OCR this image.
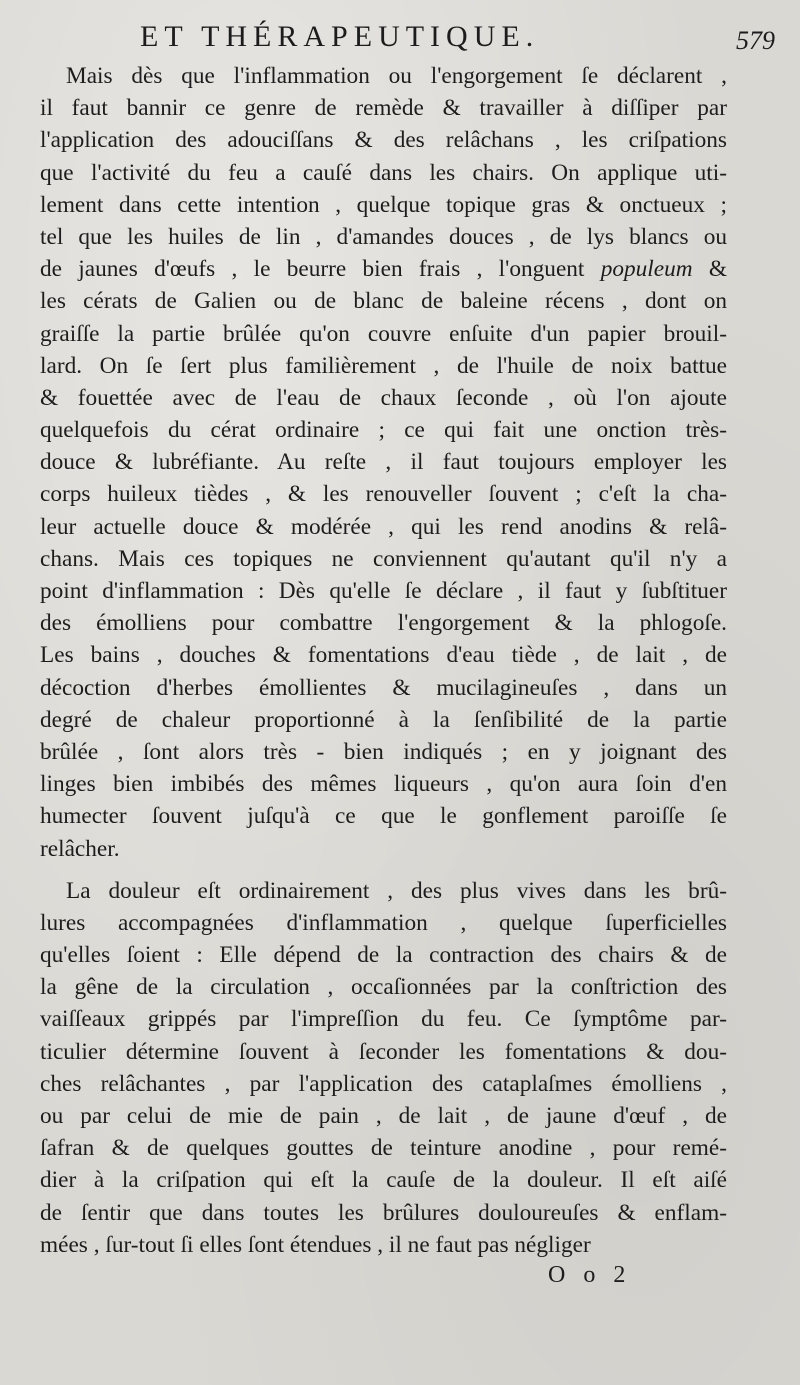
ET THÉRAPEUTIQUE.	579
Mais dès que l'inflammation ou l'engorgement ſe déclarent ,
il faut bannir ce genre de remède & travailler à diſſiper par
l'application des adouciſſans & des relâchans , les criſpations
que l'activité du feu a cauſé dans les chairs. On applique uti-
lement dans cette intention , quelque topique gras & onctueux ;
tel que les huiles de lin , d'amandes douces , de lys blancs ou
de jaunes d'œufs , le beurre bien frais , l'onguent populeum &
les cérats de Galien ou de blanc de baleine récens , dont on
graiſſe la partie brûlée qu'on couvre enſuite d'un papier brouil-
lard. On ſe ſert plus familièrement , de l'huile de noix battue
& fouettée avec de l'eau de chaux ſeconde , où l'on ajoute
quelquefois du cérat ordinaire ; ce qui fait une onction très-
douce & lubréfiante. Au reſte , il faut toujours employer les
corps huileux tièdes , & les renouveller ſouvent ; c'eſt la cha-
leur actuelle douce & modérée , qui les rend anodins & relâ-
chans. Mais ces topiques ne conviennent qu'autant qu'il n'y a
point d'inflammation : Dès qu'elle ſe déclare , il faut y ſubſtituer
des émolliens pour combattre l'engorgement & la phlogoſe.
Les bains , douches & fomentations d'eau tiède , de lait , de
décoction d'herbes émollientes & mucilagineuſes , dans un
degré de chaleur proportionné à la ſenſibilité de la partie
brûlée , ſont alors très - bien indiqués ; en y joignant des
linges bien imbibés des mêmes liqueurs , qu'on aura ſoin d'en
humecter ſouvent juſqu'à ce que le gonflement paroiſſe ſe
relâcher.
La douleur eſt ordinairement , des plus vives dans les brû-
lures accompagnées d'inflammation , quelque ſuperficielles
qu'elles ſoient : Elle dépend de la contraction des chairs & de
la gêne de la circulation , occaſionnées par la conſtriction des
vaiſſeaux grippés par l'impreſſion du feu. Ce ſymptôme par-
ticulier détermine ſouvent à ſeconder les fomentations & dou-
ches relâchantes , par l'application des cataplaſmes émolliens ,
ou par celui de mie de pain , de lait , de jaune d'œuf , de
ſafran & de quelques gouttes de teinture anodine , pour remé-
dier à la criſpation qui eſt la cauſe de la douleur. Il eſt aiſé
de ſentir que dans toutes les brûlures douloureuſes & enflam-
mées , ſur-tout ſi elles ſont étendues , il ne faut pas négliger
O o 2
